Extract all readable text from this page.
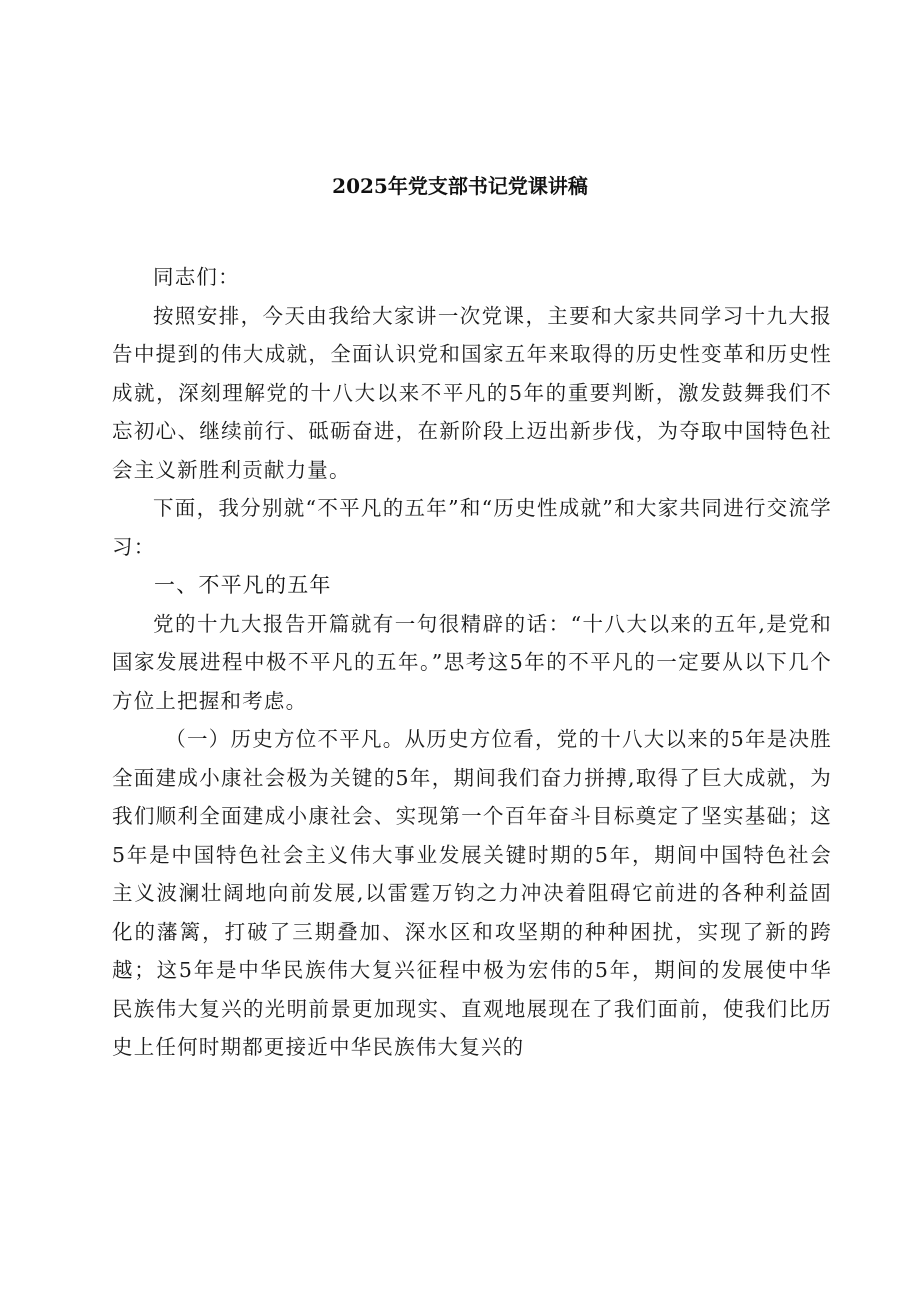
2025年党支部书记党课讲稿

同志们：

按照安排，今天由我给大家讲一次党课，主要和大家共同学习十九大报告中提到的伟大成就，全面认识党和国家五年来取得的历史性变革和历史性成就，深刻理解党的十八大以来不平凡的5年的重要判断，激发鼓舞我们不忘初心、继续前行、砥砺奋进，在新阶段上迈出新步伐，为夺取中国特色社会主义新胜利贡献力量。

下面，我分别就“不平凡的五年”和“历史性成就”和大家共同进行交流学习：

一、不平凡的五年

党的十九大报告开篇就有一句很精辟的话：“十八大以来的五年,是党和国家发展进程中极不平凡的五年。”思考这5年的不平凡的一定要从以下几个方位上把握和考虑。

（一）历史方位不平凡。从历史方位看，党的十八大以来的5年是决胜全面建成小康社会极为关键的5年，期间我们奋力拼搏,取得了巨大成就，为我们顺利全面建成小康社会、实现第一个百年奋斗目标奠定了坚实基础；这5年是中国特色社会主义伟大事业发展关键时期的5年，期间中国特色社会主义波澜壮阔地向前发展,以雷霆万钧之力冲决着阻碍它前进的各种利益固化的藩篱，打破了三期叠加、深水区和攻坚期的种种困扰，实现了新的跨越；这5年是中华民族伟大复兴征程中极为宏伟的5年，期间的发展使中华民族伟大复兴的光明前景更加现实、直观地展现在了我们面前，使我们比历史上任何时期都更接近中华民族伟大复兴的
